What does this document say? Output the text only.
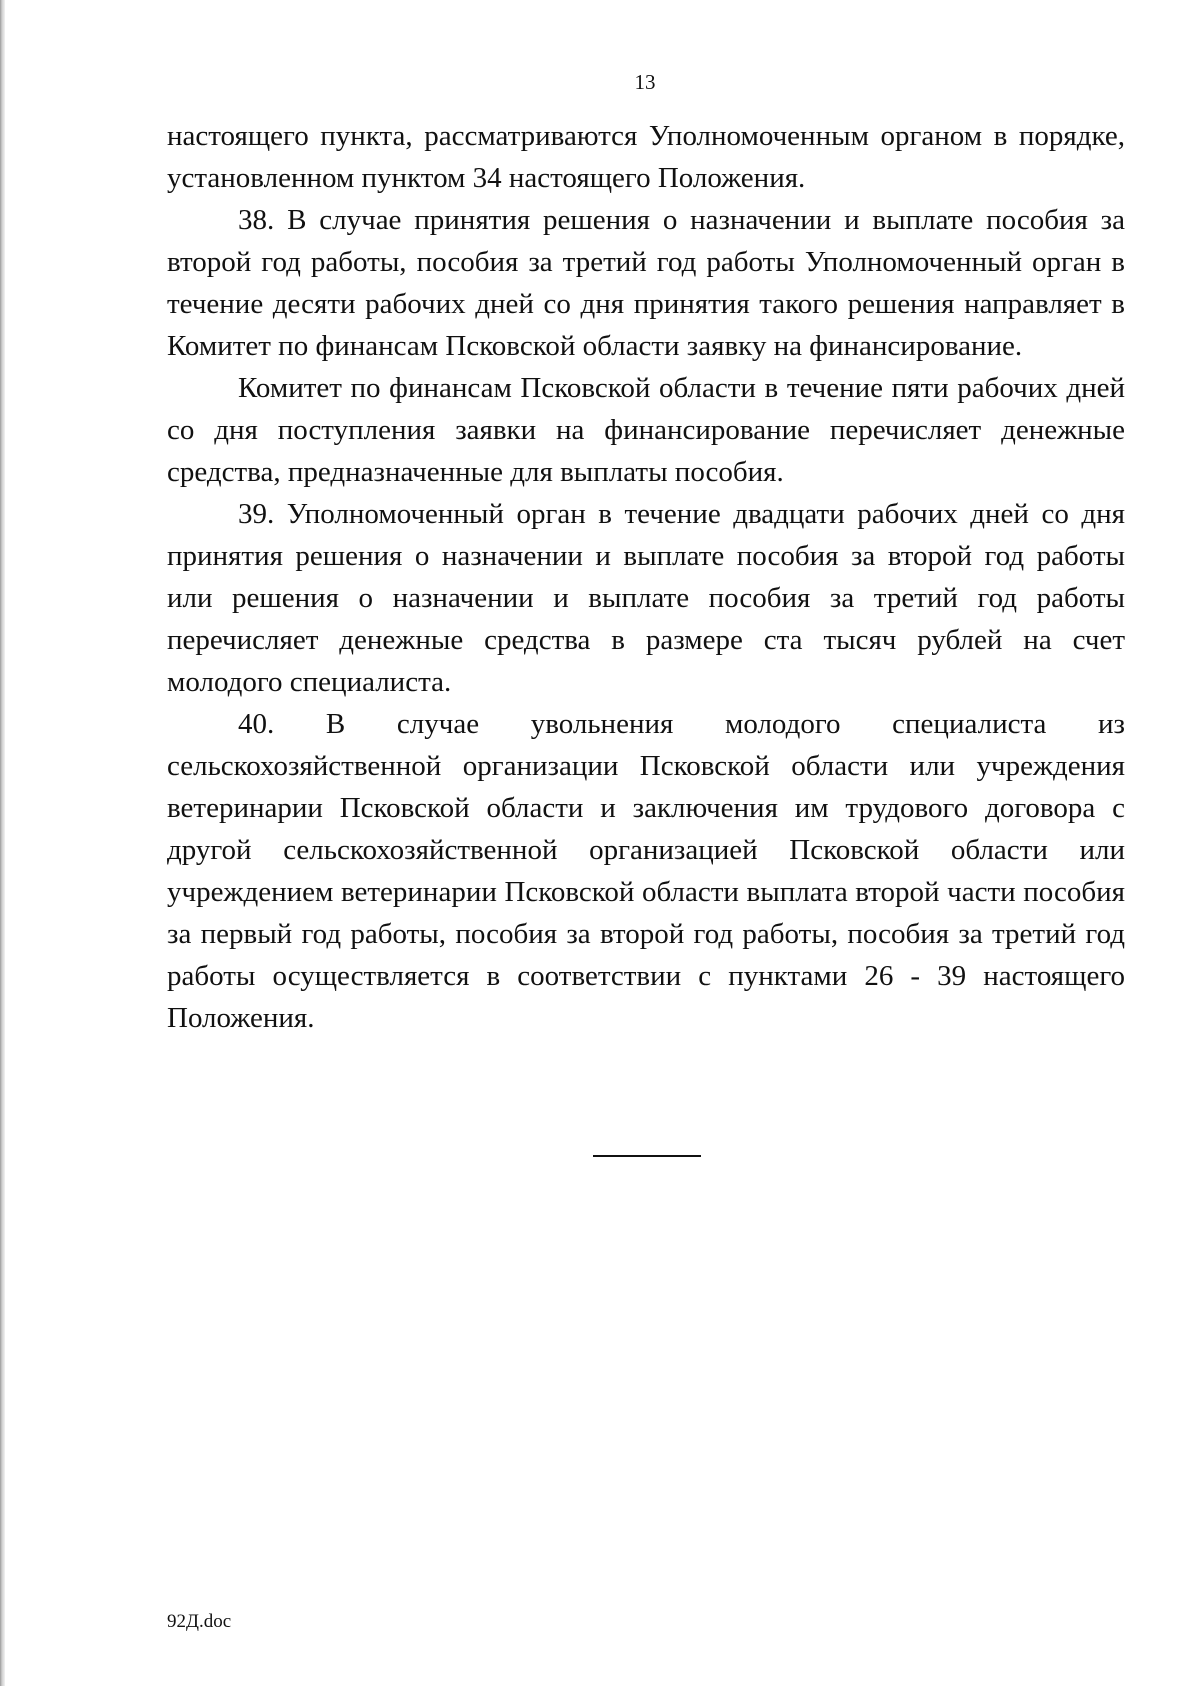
13

настоящего пункта, рассматриваются Уполномоченным органом в порядке, установленном пунктом 34 настоящего Положения.

38. В случае принятия решения о назначении и выплате пособия за второй год работы, пособия за третий год работы Уполномоченный орган в течение десяти рабочих дней со дня принятия такого решения направляет в Комитет по финансам Псковской области заявку на финансирование.

Комитет по финансам Псковской области в течение пяти рабочих дней со дня поступления заявки на финансирование перечисляет денежные средства, предназначенные для выплаты пособия.

39. Уполномоченный орган в течение двадцати рабочих дней со дня принятия решения о назначении и выплате пособия за второй год работы или решения о назначении и выплате пособия за третий год работы перечисляет денежные средства в размере ста тысяч рублей на счет молодого специалиста.

40. В случае увольнения молодого специалиста из сельскохозяйственной организации Псковской области или учреждения ветеринарии Псковской области и заключения им трудового договора с другой сельскохозяйственной организацией Псковской области или учреждением ветеринарии Псковской области выплата второй части пособия за первый год работы, пособия за второй год работы, пособия за третий год работы осуществляется в соответствии с пунктами 26 - 39 настоящего Положения.

92Д.doc
